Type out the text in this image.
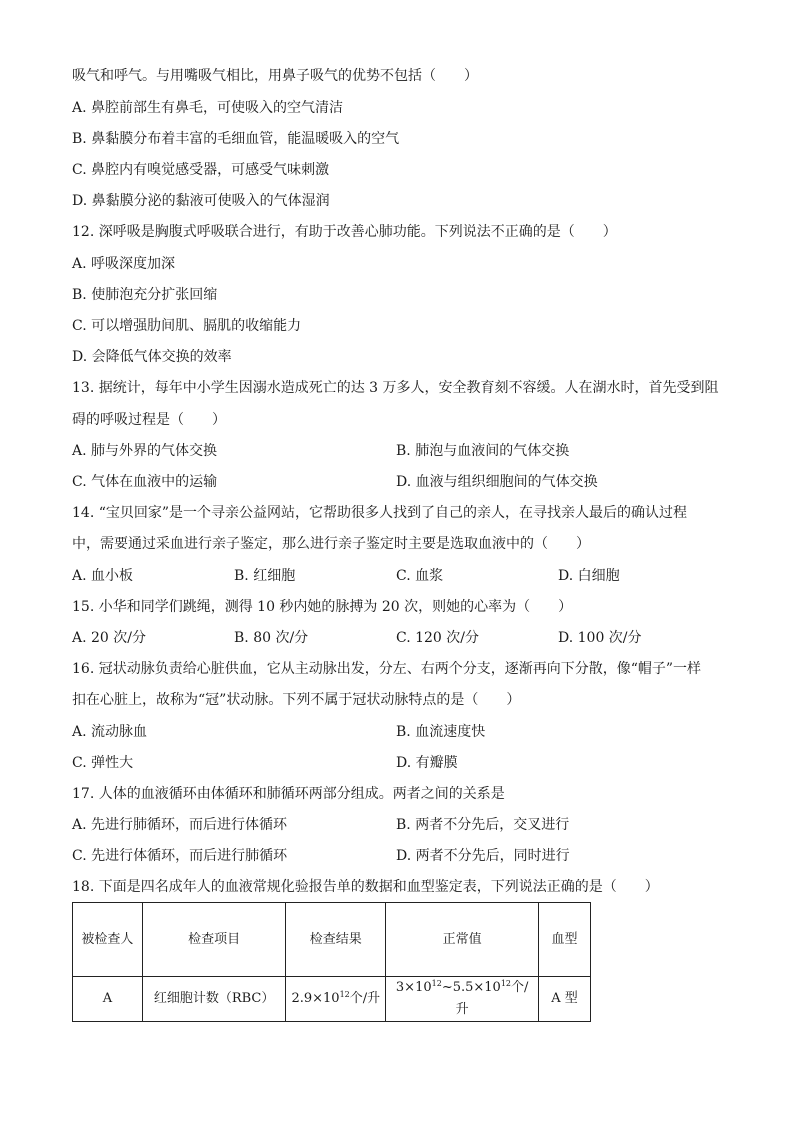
吸气和呼气。与用嘴吸气相比，用鼻子吸气的优势不包括（　　）
A. 鼻腔前部生有鼻毛，可使吸入的空气清洁
B. 鼻黏膜分布着丰富的毛细血管，能温暖吸入的空气
C. 鼻腔内有嗅觉感受器，可感受气味刺激
D. 鼻黏膜分泌的黏液可使吸入的气体湿润
12. 深呼吸是胸腹式呼吸联合进行，有助于改善心肺功能。下列说法不正确的是（　　）
A. 呼吸深度加深
B. 使肺泡充分扩张回缩
C. 可以增强肋间肌、膈肌的收缩能力
D. 会降低气体交换的效率
13. 据统计，每年中小学生因溺水造成死亡的达 3 万多人，安全教育刻不容缓。人在湖水时，首先受到阻
碍的呼吸过程是（　　）
A. 肺与外界的气体交换	B. 肺泡与血液间的气体交换
C. 气体在血液中的运输	D. 血液与组织细胞间的气体交换
14. “宝贝回家”是一个寻亲公益网站，它帮助很多人找到了自己的亲人，在寻找亲人最后的确认过程
中，需要通过采血进行亲子鉴定，那么进行亲子鉴定时主要是选取血液中的（　　）
A. 血小板	B. 红细胞	C. 血浆	D. 白细胞
15. 小华和同学们跳绳，测得 10 秒内她的脉搏为 20 次，则她的心率为（　　）
A. 20 次/分	B. 80 次/分	C. 120 次/分	D. 100 次/分
16. 冠状动脉负责给心脏供血，它从主动脉出发，分左、右两个分支，逐渐再向下分散，像“帽子”一样
扣在心脏上，故称为“冠”状动脉。下列不属于冠状动脉特点的是（　　）
A. 流动脉血	B. 血流速度快
C. 弹性大	D. 有瓣膜
17. 人体的血液循环由体循环和肺循环两部分组成。两者之间的关系是
A. 先进行肺循环，而后进行体循环	B. 两者不分先后，交叉进行
C. 先进行体循环，而后进行肺循环	D. 两者不分先后，同时进行
18. 下面是四名成年人的血液常规化验报告单的数据和血型鉴定表，下列说法正确的是（　　）
被检查人	检查项目	检查结果	正常值	血型
A	红细胞计数（RBC）	$2.9\times 10^{12}$个/升	$3\times 10^{12}\sim 5.5\times 10^{12}$个/升	A 型
